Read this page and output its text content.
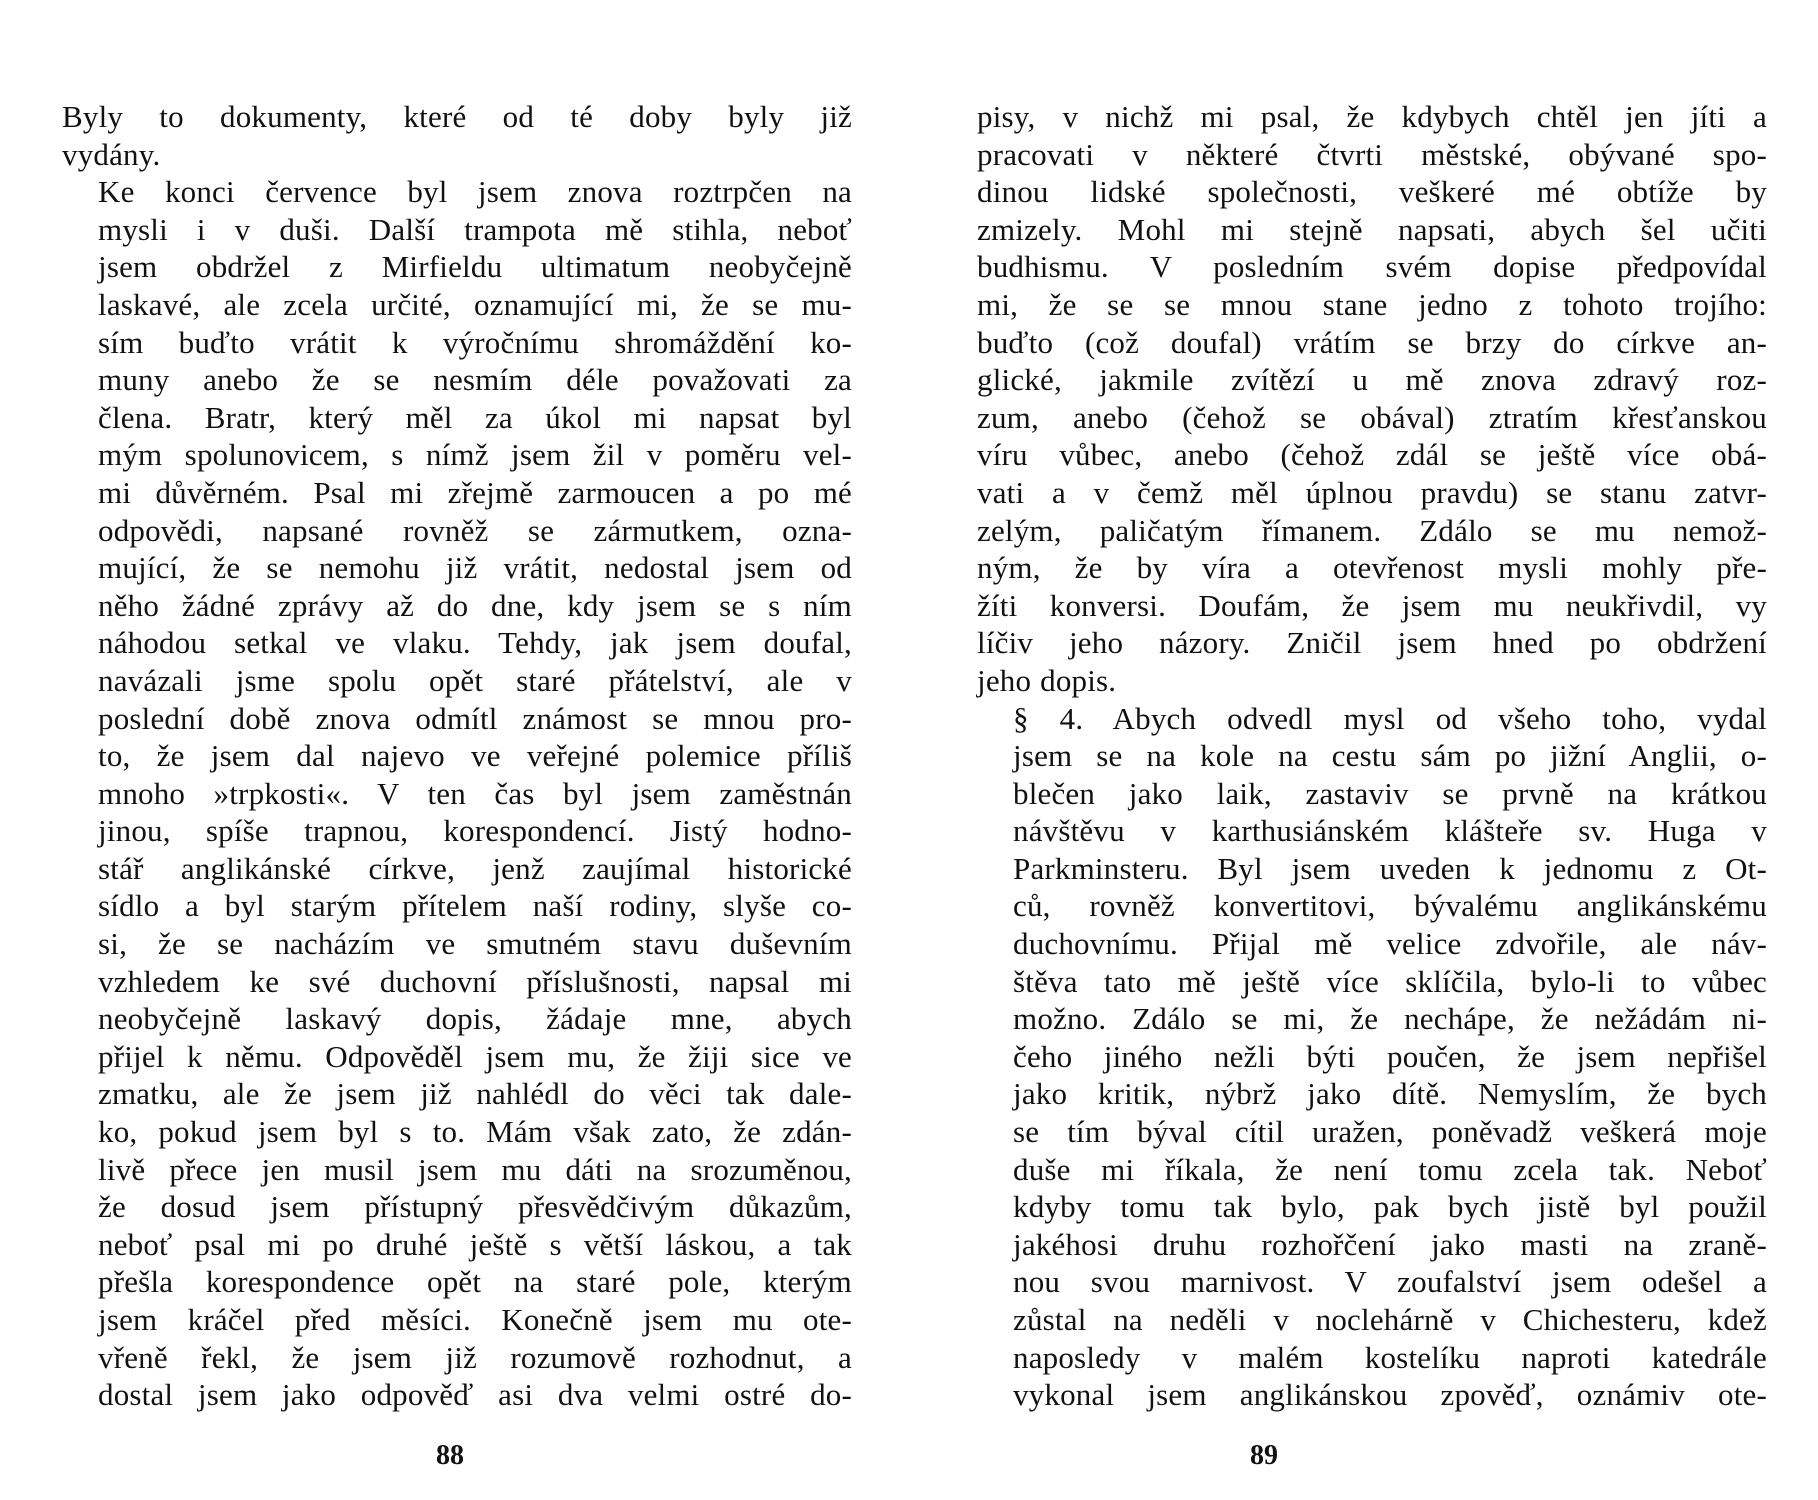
Byly to dokumenty, které od té doby byly již
vydány.
Ke konci července byl jsem znova roztrpčen na
mysli i v duši. Další trampota mě stihla, neboť
jsem obdržel z Mirfieldu ultimatum neobyčejně
laskavé, ale zcela určité, oznamující mi, že se mu-
sím buďto vrátit k výročnímu shromáždění ko-
muny anebo že se nesmím déle považovati za
člena. Bratr, který měl za úkol mi napsat byl
mým spolunovicem, s nímž jsem žil v poměru vel-
mi důvěrném. Psal mi zřejmě zarmoucen a po mé
odpovědi, napsané rovněž se zármutkem, ozna-
mující, že se nemohu již vrátit, nedostal jsem od
něho žádné zprávy až do dne, kdy jsem se s ním
náhodou setkal ve vlaku. Tehdy, jak jsem doufal,
navázali jsme spolu opět staré přátelství, ale v
poslední době znova odmítl známost se mnou pro-
to, že jsem dal najevo ve veřejné polemice příliš
mnoho »trpkosti«. V ten čas byl jsem zaměstnán
jinou, spíše trapnou, korespondencí. Jistý hodno-
stář anglikánské církve, jenž zaujímal historické
sídlo a byl starým přítelem naší rodiny, slyše co-
si, že se nacházím ve smutném stavu duševním
vzhledem ke své duchovní příslušnosti, napsal mi
neobyčejně laskavý dopis, žádaje mne, abych
přijel k němu. Odpověděl jsem mu, že žiji sice ve
zmatku, ale že jsem již nahlédl do věci tak dale-
ko, pokud jsem byl s to. Mám však zato, že zdán-
livě přece jen musil jsem mu dáti na srozuměnou,
že dosud jsem přístupný přesvědčivým důkazům,
neboť psal mi po druhé ještě s větší láskou, a tak
přešla korespondence opět na staré pole, kterým
jsem kráčel před měsíci. Konečně jsem mu ote-
vřeně řekl, že jsem již rozumově rozhodnut, a
dostal jsem jako odpověď asi dva velmi ostré do-
88
pisy, v nichž mi psal, že kdybych chtěl jen jíti a
pracovati v některé čtvrti městské, obývané spo-
dinou lidské společnosti, veškeré mé obtíže by
zmizely. Mohl mi stejně napsati, abych šel učiti
budhismu. V posledním svém dopise předpovídal
mi, že se se mnou stane jedno z tohoto trojího:
buďto (což doufal) vrátím se brzy do církve an-
glické, jakmile zvítězí u mě znova zdravý roz-
zum, anebo (čehož se obával) ztratím křesťanskou
víru vůbec, anebo (čehož zdál se ještě více obá-
vati a v čemž měl úplnou pravdu) se stanu zatvr-
zelým, paličatým římanem. Zdálo se mu nemož-
ným, že by víra a otevřenost mysli mohly pře-
žíti konversi. Doufám, že jsem mu neukřivdil, vy
líčiv jeho názory. Zničil jsem hned po obdržení
jeho dopis.
§ 4. Abych odvedl mysl od všeho toho, vydal
jsem se na kole na cestu sám po jižní Anglii, o-
blečen jako laik, zastaviv se prvně na krátkou
návštěvu v karthusiánském klášteře sv. Huga v
Parkminsteru. Byl jsem uveden k jednomu z Ot-
ců, rovněž konvertitovi, bývalému anglikánskému
duchovnímu. Přijal mě velice zdvořile, ale náv-
štěva tato mě ještě více sklíčila, bylo-li to vůbec
možno. Zdálo se mi, že nechápe, že nežádám ni-
čeho jiného nežli býti poučen, že jsem nepřišel
jako kritik, nýbrž jako dítě. Nemyslím, že bych
se tím býval cítil uražen, poněvadž veškerá moje
duše mi říkala, že není tomu zcela tak. Neboť
kdyby tomu tak bylo, pak bych jistě byl použil
jakéhosi druhu rozhořčení jako masti na zraně-
nou svou marnivost. V zoufalství jsem odešel a
zůstal na neděli v noclehárně v Chichesteru, kdež
naposledy v malém kostelíku naproti katedrále
vykonal jsem anglikánskou zpověď, oznámiv ote-
89
